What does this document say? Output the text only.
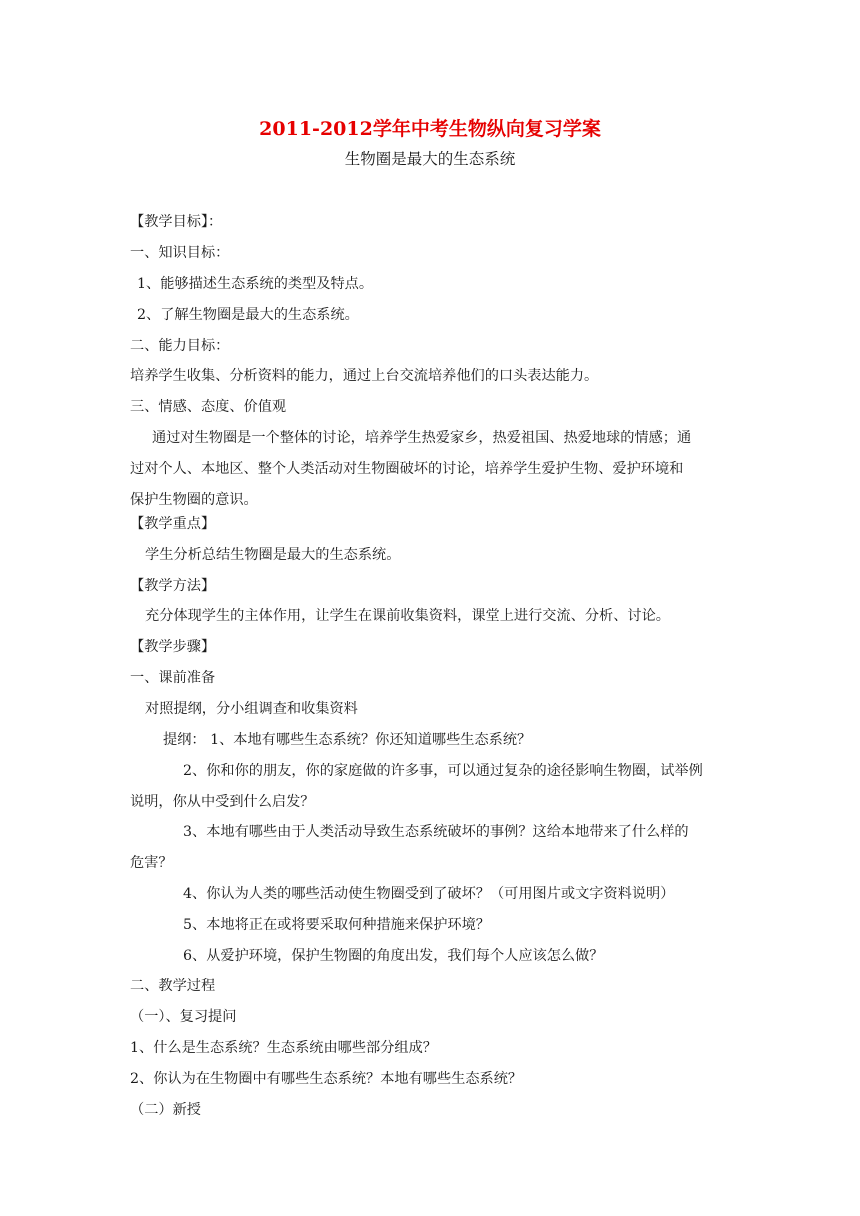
2011-2012学年中考生物纵向复习学案
生物圈是最大的生态系统
【教学目标】：
一、知识目标：
1、能够描述生态系统的类型及特点。
2、了解生物圈是最大的生态系统。
二、能力目标：
培养学生收集、分析资料的能力，通过上台交流培养他们的口头表达能力。
三、情感、态度、价值观
通过对生物圈是一个整体的讨论，培养学生热爱家乡，热爱祖国、热爱地球的情感；通
过对个人、本地区、整个人类活动对生物圈破坏的讨论，培养学生爱护生物、爱护环境和
保护生物圈的意识。
【教学重点】
学生分析总结生物圈是最大的生态系统。
【教学方法】
充分体现学生的主体作用，让学生在课前收集资料，课堂上进行交流、分析、讨论。
【教学步骤】
一、课前准备
对照提纲，分小组调查和收集资料
提纲： 1、本地有哪些生态系统？你还知道哪些生态系统？
2、你和你的朋友，你的家庭做的许多事，可以通过复杂的途径影响生物圈，试举例
说明，你从中受到什么启发？
3、本地有哪些由于人类活动导致生态系统破坏的事例？这给本地带来了什么样的
危害？
4、你认为人类的哪些活动使生物圈受到了破坏？（可用图片或文字资料说明）
5、本地将正在或将要采取何种措施来保护环境？
6、从爱护环境，保护生物圈的角度出发，我们每个人应该怎么做？
二、教学过程
（一）、复习提问
1、什么是生态系统？生态系统由哪些部分组成？
2、你认为在生物圈中有哪些生态系统？本地有哪些生态系统？
（二）新授
